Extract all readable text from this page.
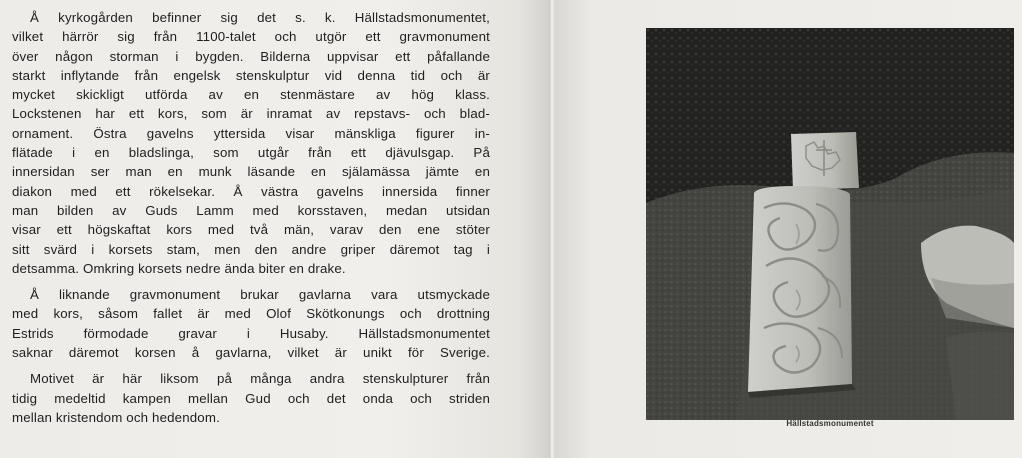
Å kyrkogården befinner sig det s. k. Hällstadsmonumentet,
vilket härrör sig från 1100-talet och utgör ett gravmonument
över någon storman i bygden. Bilderna uppvisar ett påfallande
starkt inflytande från engelsk stenskulptur vid denna tid och är
mycket skickligt utförda av en stenmästare av hög klass.
Lockstenen har ett kors, som är inramat av repstavs- och blad-
ornament. Östra gavelns yttersida visar mänskliga figurer in-
flätade i en bladslinga, som utgår från ett djävulsgap. På
innersidan ser man en munk läsande en själamässa jämte en
diakon med ett rökelsekar. Å västra gavelns innersida finner
man bilden av Guds Lamm med korsstaven, medan utsidan
visar ett högskaftat kors med två män, varav den ene stöter
sitt svärd i korsets stam, men den andre griper däremot tag i
detsamma. Omkring korsets nedre ända biter en drake.

Å liknande gravmonument brukar gavlarna vara utsmyckade
med kors, såsom fallet är med Olof Skötkonungs och drottning
Estrids förmodade gravar i Husaby. Hällstadsmonumentet
saknar däremot korsen å gavlarna, vilket är unikt för Sverige.

Motivet är här liksom på många andra stenskulpturer från
tidig medeltid kampen mellan Gud och det onda och striden
mellan kristendom och hedendom.	Hällstadsmonumentet
